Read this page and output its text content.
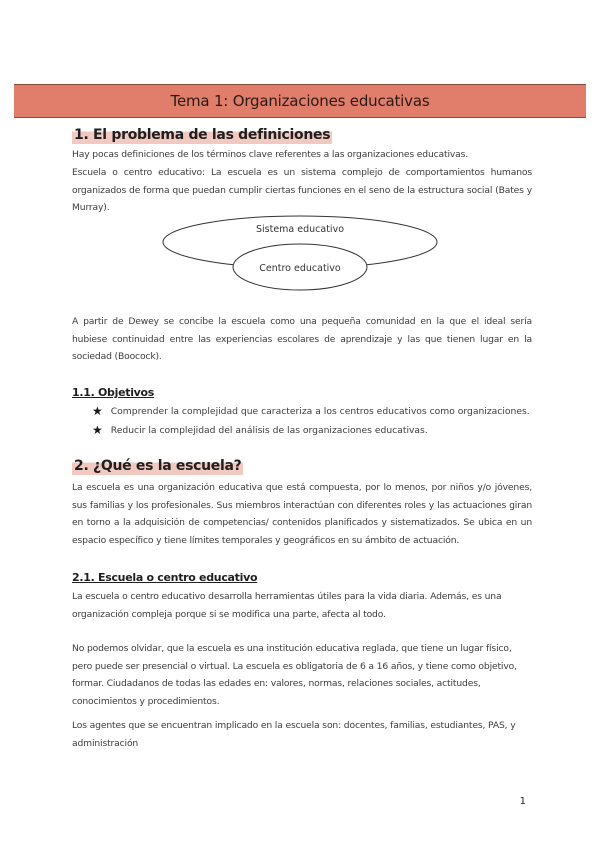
Tema 1: Organizaciones educativas
1. El problema de las definiciones
Hay pocas definiciones de los términos clave referentes a las organizaciones educativas.
Escuela o centro educativo: La escuela es un sistema complejo de comportamientos humanos organizados de forma que puedan cumplir ciertas funciones en el seno de la estructura social (Bates y Murray).
Sistema educativo
Centro educativo
A partir de Dewey se concibe la escuela como una pequeña comunidad en la que el ideal sería hubiese continuidad entre las experiencias escolares de aprendizaje y las que tienen lugar en la sociedad (Boocock).
1.1. Objetivos
★ Comprender la complejidad que caracteriza a los centros educativos como organizaciones.
★ Reducir la complejidad del análisis de las organizaciones educativas.
2. ¿Qué es la escuela?
La escuela es una organización educativa que está compuesta, por lo menos, por niños y/o jóvenes, sus familias y los profesionales. Sus miembros interactúan con diferentes roles y las actuaciones giran en torno a la adquisición de competencias/ contenidos planificados y sistematizados. Se ubica en un espacio específico y tiene límites temporales y geográficos en su ámbito de actuación.
2.1. Escuela o centro educativo
La escuela o centro educativo desarrolla herramientas útiles para la vida diaria. Además, es una organización compleja porque si se modifica una parte, afecta al todo.
No podemos olvidar, que la escuela es una institución educativa reglada, que tiene un lugar físico, pero puede ser presencial o virtual. La escuela es obligatoria de 6 a 16 años, y tiene como objetivo, formar. Ciudadanos de todas las edades en: valores, normas, relaciones sociales, actitudes, conocimientos y procedimientos.
Los agentes que se encuentran implicado en la escuela son: docentes, familias, estudiantes, PAS, y administración
1
